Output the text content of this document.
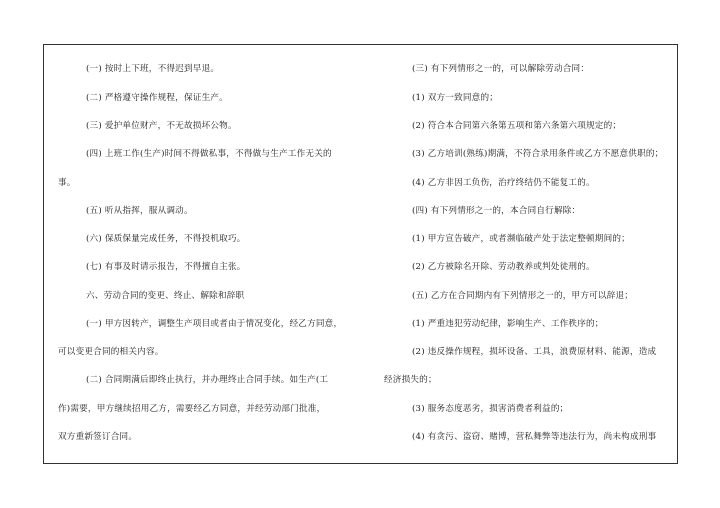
(一) 按时上下班，不得迟到早退。
(二) 严格遵守操作规程，保证生产。
(三) 爱护单位财产，不无故损坏公物。
(四) 上班工作(生产)时间不得做私事，不得做与生产工作无关的
事。
(五) 听从指挥，服从调动。
(六) 保质保量完成任务，不得投机取巧。
(七) 有事及时请示报告，不得擅自主张。
六、劳动合同的变更、终止、解除和辞职
(一) 甲方因转产，调整生产项目或者由于情况变化，经乙方同意，
可以变更合同的相关内容。
(二) 合同期满后即终止执行，并办理终止合同手续。如生产(工
作)需要，甲方继续招用乙方，需要经乙方同意，并经劳动部门批准，
双方重新签订合同。
(三) 有下列情形之一的，可以解除劳动合同：
(1) 双方一致同意的；
(2) 符合本合同第六条第五项和第六条第六项规定的；
(3) 乙方培训(熟练)期满，不符合录用条件或乙方不愿意供职的；
(4) 乙方非因工负伤，治疗终结仍不能复工的。
(四) 有下列情形之一的，本合同自行解除：
(1) 甲方宣告破产，或者濒临破产处于法定整顿期间的；
(2) 乙方被除名开除、劳动教养或判处徒刑的。
(五) 乙方在合同期内有下列情形之一的，甲方可以辞退；
(1) 严重违犯劳动纪律，影响生产、工作秩序的；
(2) 违反操作规程，损坏设备、工具，浪费原材料、能源，造成
经济损失的；
(3) 服务态度恶劣，损害消费者利益的；
(4) 有贪污、盗窃、赌博，营私舞弊等违法行为，尚未构成刑事
